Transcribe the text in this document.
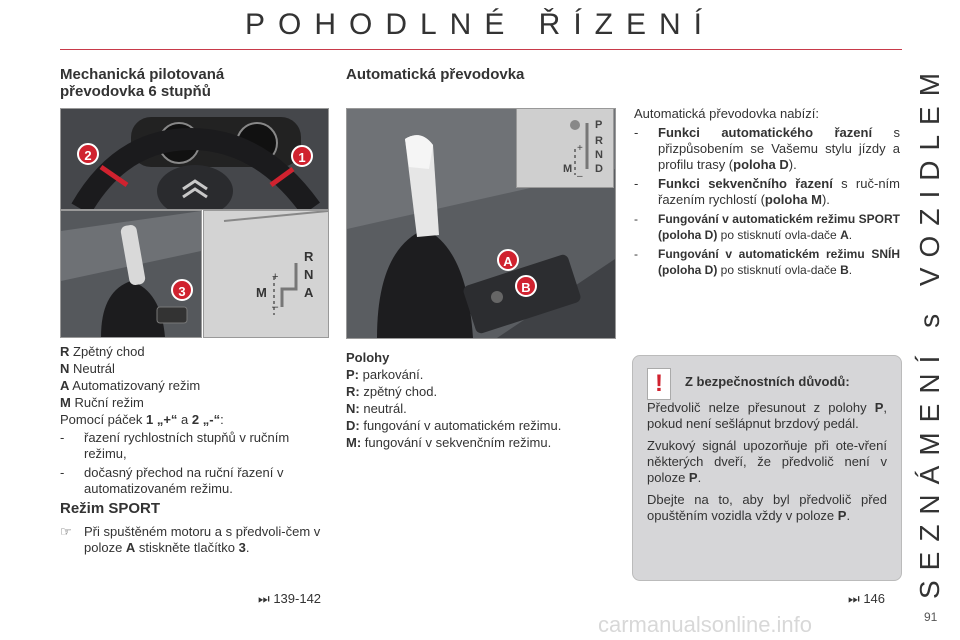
POHODLNÉ ŘÍZENÍ
SEZNÁMENÍ s VOZIDLEM
Mechanická pilotovaná převodovka 6 stupňů
2	1
3
R
N
A
M
+
–
R Zpětný chod
N Neutrál
A Automatizovaný režim
M Ruční režim
Pomocí páček 1 „+“ a 2 „-“:
- řazení rychlostních stupňů v ručním režimu,
- dočasný přechod na ruční řazení v automatizovaném režimu.
Režim SPORT
☞ Při spuštěném motoru a s předvoli-čem v poloze A stiskněte tlačítko 3.
⏭ 139-142
Automatická převodovka
A
B
P
R
N
D
M
+
–
Polohy
P: parkování.
R: zpětný chod.
N: neutrál.
D: fungování v automatickém režimu.
M: fungování v sekvenčním režimu.
Automatická převodovka nabízí:
- Funkci automatického řazení s přizpůsobením se Vašemu stylu jízdy a profilu trasy (poloha D).
- Funkci sekvenčního řazení s ruč-ním řazením rychlostí (poloha M).
- Fungování v automatickém režimu SPORT (poloha D) po stisknutí ovla-dače A.
- Fungování v automatickém režimu SNÍH (poloha D) po stisknutí ovla-dače B.
!	Z bezpečnostních důvodů:
Předvolič nelze přesunout z polohy P, pokud není sešlápnut brzdový pedál.
Zvukový signál upozorňuje při ote-vření některých dveří, že předvolič není v poloze P.
Dbejte na to, aby byl předvolič před opuštěním vozidla vždy v poloze P.
⏭ 146
91
carmanualsonline.info
